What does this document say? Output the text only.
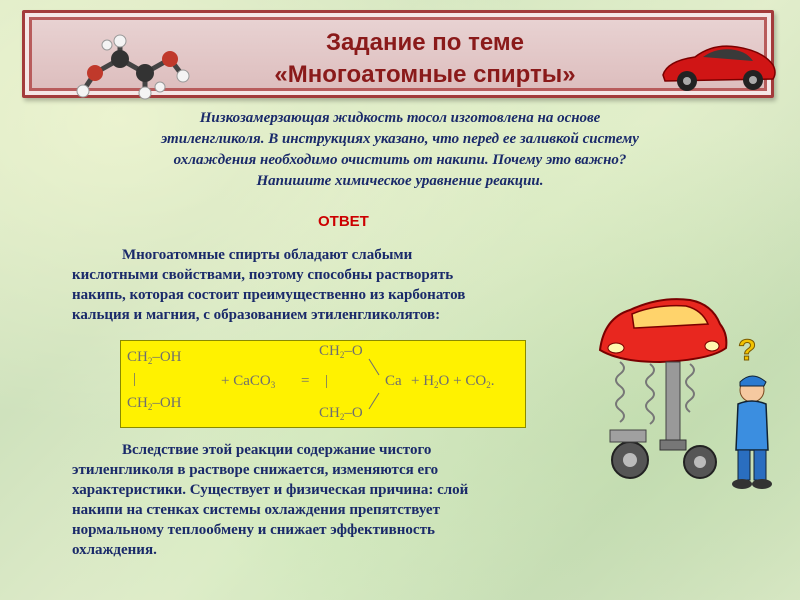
Задание по теме
«Многоатомные спирты»
Низкозамерзающая жидкость тосол изготовлена на основе
этиленгликоля. В инструкциях указано, что перед ее заливкой систему
охлаждения необходимо очистить от накипи. Почему это важно?
Напишите химическое уравнение реакции.
ОТВЕТ
Многоатомные спирты обладают слабыми
кислотными свойствами, поэтому способны растворять
накипь, которая состоит преимущественно из карбонатов
кальция и магния, с образованием этиленгликолятов:
$CH_2-OH$
|
$CH_2-OH$
+ CaCO$_3$ =
$CH_2-O$
|
$CH_2-O$
$Ca + H_2O + CO_2$.
Вследствие этой реакции содержание чистого
этиленгликоля в растворе снижается, изменяются его
характеристики. Существует и физическая причина: слой
накипи на стенках системы охлаждения препятствует
нормальному теплообмену и снижает эффективность
охлаждения.
?
